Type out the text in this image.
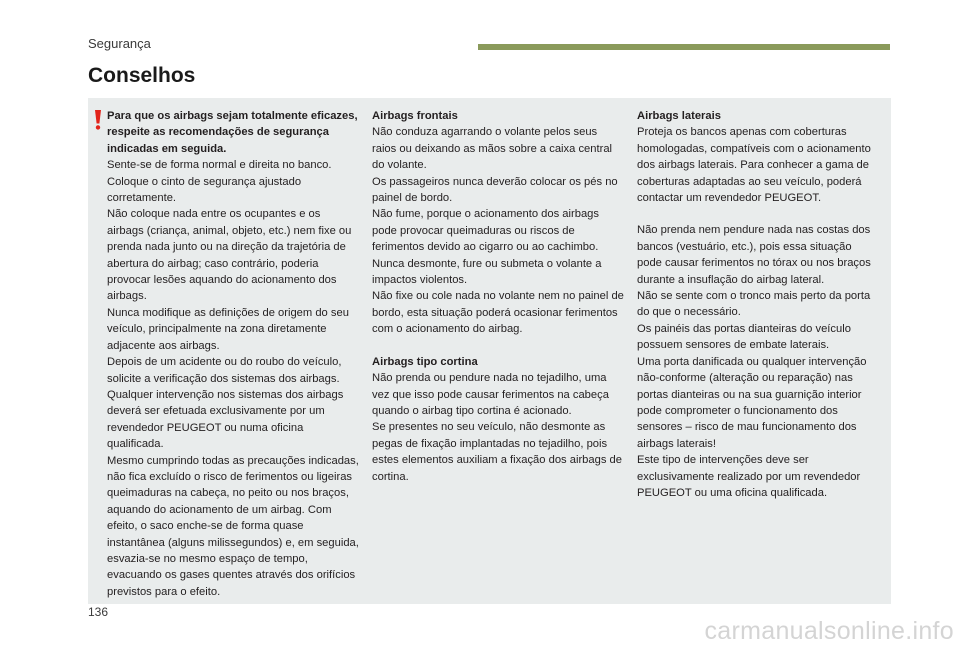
Segurança
Conselhos

Para que os airbags sejam totalmente eficazes, respeite as recomendações de segurança indicadas em seguida.

Sente-se de forma normal e direita no banco.

Coloque o cinto de segurança ajustado corretamente.

Não coloque nada entre os ocupantes e os airbags (criança, animal, objeto, etc.) nem fixe ou prenda nada junto ou na direção da trajetória de abertura do airbag; caso contrário, poderia provocar lesões aquando do acionamento dos airbags.

Nunca modifique as definições de origem do seu veículo, principalmente na zona diretamente adjacente aos airbags.

Depois de um acidente ou do roubo do veículo, solicite a verificação dos sistemas dos airbags.

Qualquer intervenção nos sistemas dos airbags deverá ser efetuada exclusivamente por um revendedor PEUGEOT ou numa oficina qualificada.

Mesmo cumprindo todas as precauções indicadas, não fica excluído o risco de ferimentos ou ligeiras queimaduras na cabeça, no peito ou nos braços, aquando do acionamento de um airbag. Com efeito, o saco enche-se de forma quase instantânea (alguns milissegundos) e, em seguida, esvazia-se no mesmo espaço de tempo, evacuando os gases quentes através dos orifícios previstos para o efeito.

Airbags frontais

Não conduza agarrando o volante pelos seus raios ou deixando as mãos sobre a caixa central do volante.

Os passageiros nunca deverão colocar os pés no painel de bordo.

Não fume, porque o acionamento dos airbags pode provocar queimaduras ou riscos de ferimentos devido ao cigarro ou ao cachimbo.

Nunca desmonte, fure ou submeta o volante a impactos violentos.

Não fixe ou cole nada no volante nem no painel de bordo, esta situação poderá ocasionar ferimentos com o acionamento do airbag.

Airbags tipo cortina

Não prenda ou pendure nada no tejadilho, uma vez que isso pode causar ferimentos na cabeça quando o airbag tipo cortina é acionado.

Se presentes no seu veículo, não desmonte as pegas de fixação implantadas no tejadilho, pois estes elementos auxiliam a fixação dos airbags de cortina.

Airbags laterais

Proteja os bancos apenas com coberturas homologadas, compatíveis com o acionamento dos airbags laterais. Para conhecer a gama de coberturas adaptadas ao seu veículo, poderá contactar um revendedor PEUGEOT.

Não prenda nem pendure nada nas costas dos bancos (vestuário, etc.), pois essa situação pode causar ferimentos no tórax ou nos braços durante a insuflação do airbag lateral.

Não se sente com o tronco mais perto da porta do que o necessário.

Os painéis das portas dianteiras do veículo possuem sensores de embate laterais.

Uma porta danificada ou qualquer intervenção não-conforme (alteração ou reparação) nas portas dianteiras ou na sua guarnição interior pode comprometer o funcionamento dos sensores – risco de mau funcionamento dos airbags laterais!

Este tipo de intervenções deve ser exclusivamente realizado por um revendedor PEUGEOT ou uma oficina qualificada.

136
carmanualsonline.info
